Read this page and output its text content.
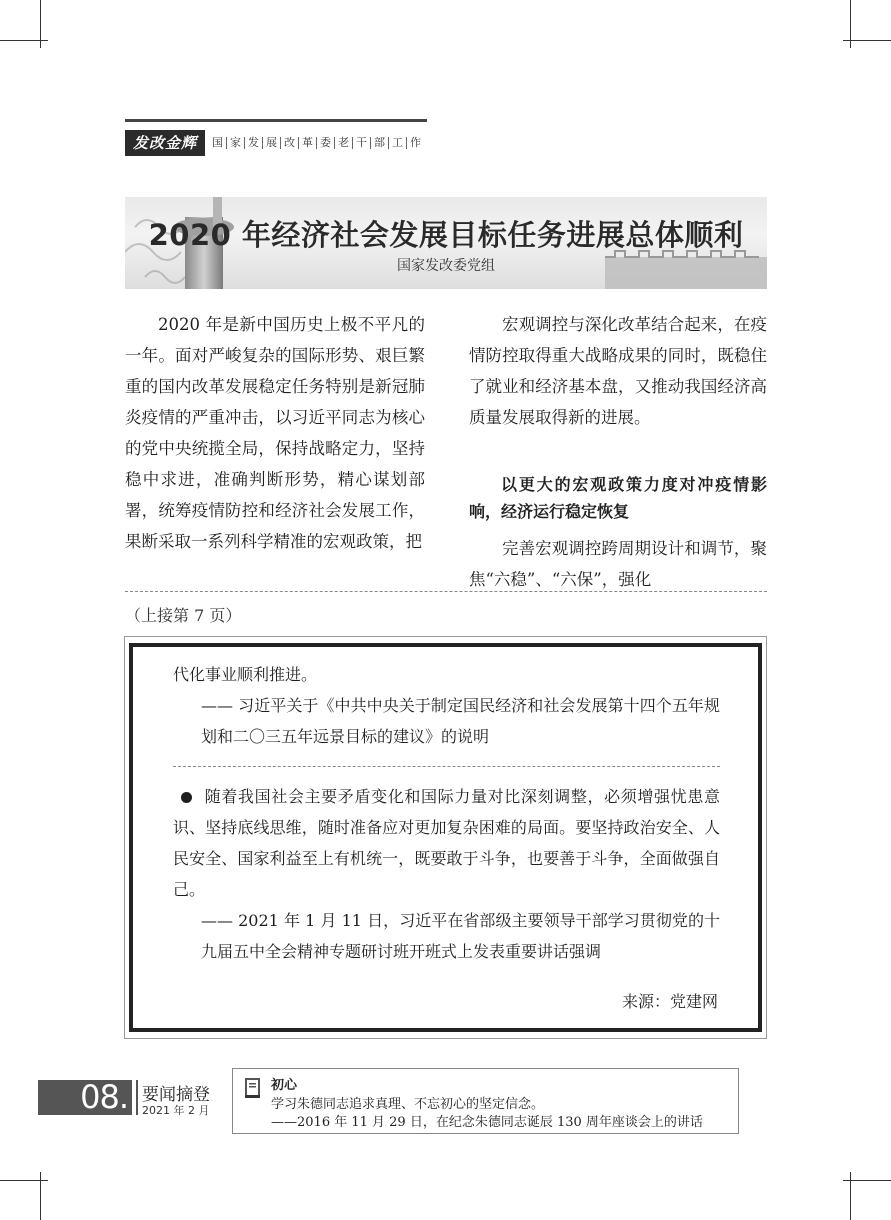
发改金辉	国 家 发 展 改 革 委 老 干 部 工 作
2020 年经济社会发展目标任务进展总体顺利
国家发改委党组

2020 年是新中国历史上极不平凡的一年。面对严峻复杂的国际形势、艰巨繁重的国内改革发展稳定任务特别是新冠肺炎疫情的严重冲击，以习近平同志为核心的党中央统揽全局，保持战略定力，坚持稳中求进，准确判断形势，精心谋划部署，统筹疫情防控和经济社会发展工作，果断采取一系列科学精准的宏观政策，把

宏观调控与深化改革结合起来，在疫情防控取得重大战略成果的同时，既稳住了就业和经济基本盘，又推动我国经济高质量发展取得新的进展。

以更大的宏观政策力度对冲疫情影响，经济运行稳定恢复

完善宏观调控跨周期设计和调节，聚焦“六稳”、“六保”，强化

（上接第 7 页）
代化事业顺利推进。
—— 习近平关于《中共中央关于制定国民经济和社会发展第十四个五年规划和二〇三五年远景目标的建议》的说明

随着我国社会主要矛盾变化和国际力量对比深刻调整，必须增强忧患意识、坚持底线思维，随时准备应对更加复杂困难的局面。要坚持政治安全、人民安全、国家利益至上有机统一，既要敢于斗争，也要善于斗争，全面做强自己。

—— 2021 年 1 月 11 日，习近平在省部级主要领导干部学习贯彻党的十九届五中全会精神专题研讨班开班式上发表重要讲话强调

来源：党建网
08. 要闻摘登
2021 年 2 月
初心
学习朱德同志追求真理、不忘初心的坚定信念。
——2016 年 11 月 29 日，在纪念朱德同志诞辰 130 周年座谈会上的讲话
